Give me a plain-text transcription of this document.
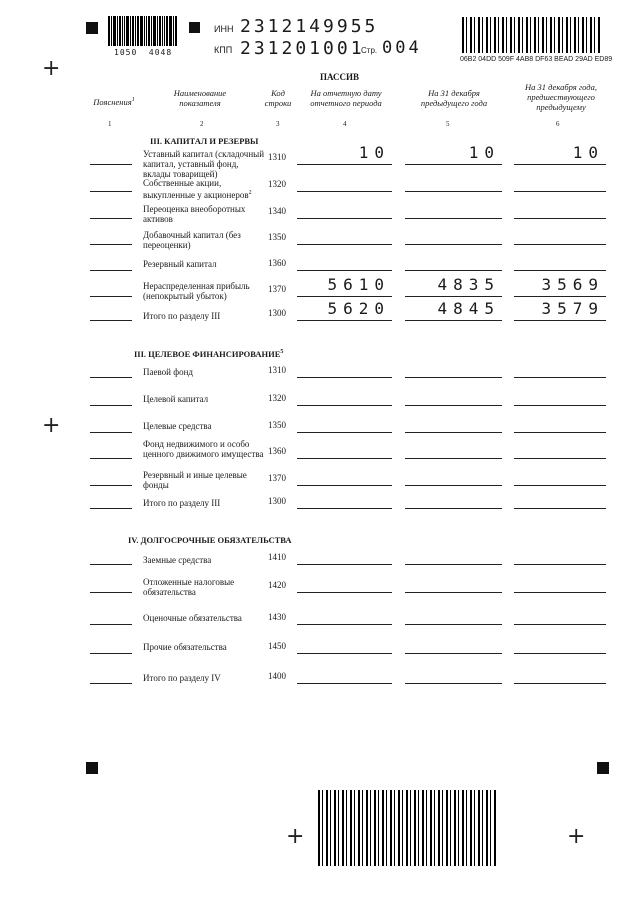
+
+
+	+
1050  4048
ИНН 2312149955
КПП 231201001
Стр. 004
06B2 04DD 509F 4AB8 DF63 BEAD 29AD ED89
ПАССИВ
Пояснения$^1$
Наименование показателя
Код строки
На отчетную дату отчетного периода
На 31 декабря предыдущего года
На 31 декабря года, предшествующего предыдущему
1	2	3	4	5	6
III. КАПИТАЛ И РЕЗЕРВЫ
III. ЦЕЛЕВОЕ ФИНАНСИРОВАНИЕ$^5$
IV. ДОЛГОСРОЧНЫЕ ОБЯЗАТЕЛЬСТВА
Уставный капитал (складочный капитал, уставный фонд, вклады товарищей)
1310	10	10	10
Собственные акции, выкупленные у акционеров$^2$
1320
Переоценка внеоборотных активов
1340
Добавочный капитал (без переоценки)
1350
Резервный капитал	1360
Нераспределенная прибыль (непокрытый убыток)
1370	5610	4835	3569
Итого по разделу III	1300	5620	4845	3579
Паевой фонд	1310
Целевой капитал	1320
Целевые средства	1350
Фонд недвижимого и особо ценного движимого имущества 1360
Резервный и иные целевые фонды
1370
Итого по разделу III	1300
Заемные средства	1410
Отложенные налоговые обязательства
1420
Оценочные обязательства	1430
Прочие обязательства	1450
Итого по разделу IV	1400
